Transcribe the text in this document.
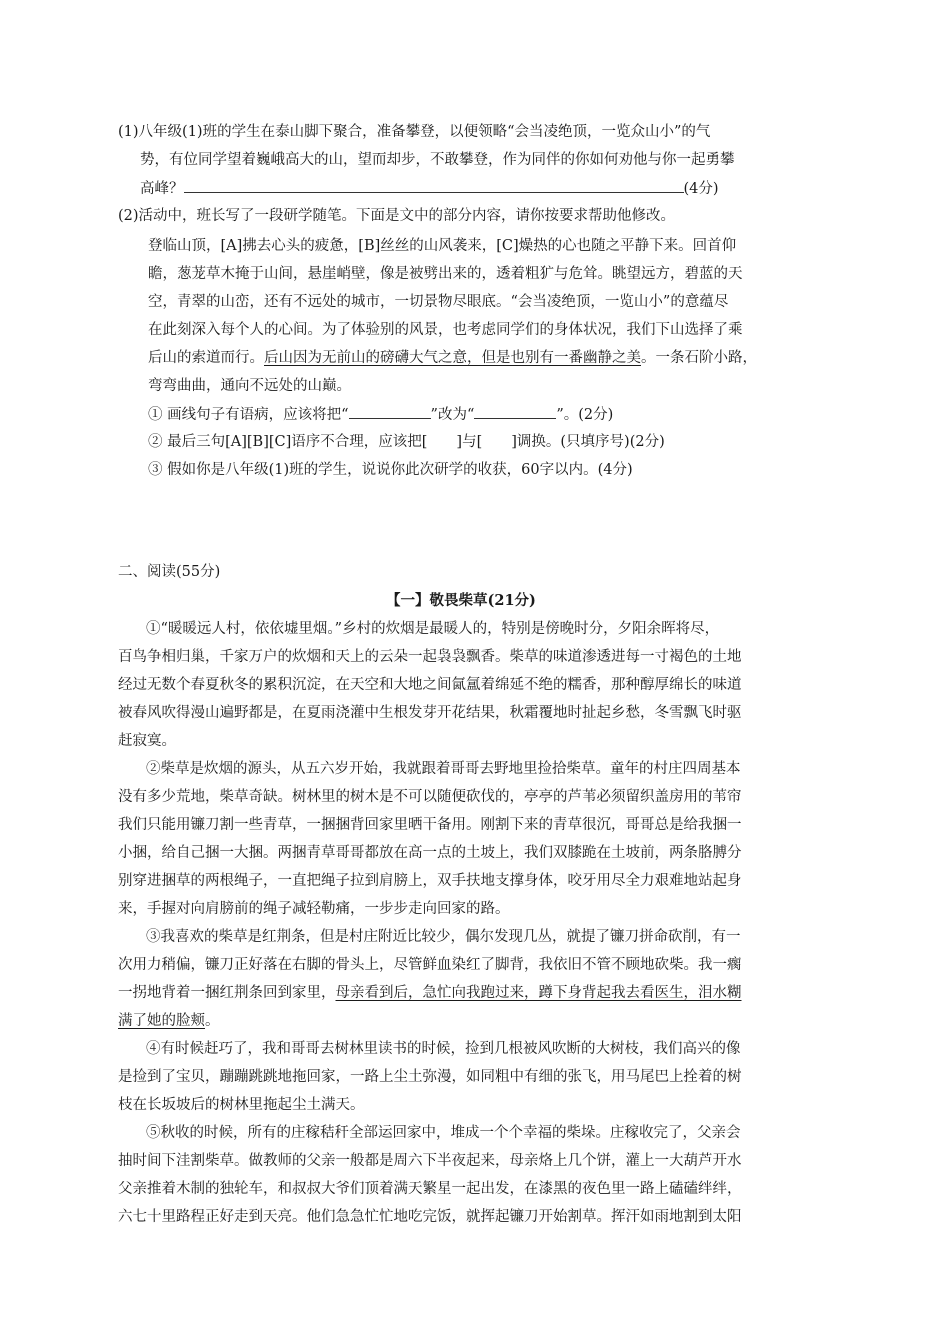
(1)八年级(1)班的学生在泰山脚下聚合，准备攀登，以便领略“会当凌绝顶，一览众山小”的气
势，有位同学望着巍峨高大的山，望而却步，不敢攀登，作为同伴的你如何劝他与你一起勇攀
高峰？	(4分)
(2)活动中，班长写了一段研学随笔。下面是文中的部分内容，请你按要求帮助他修改。
登临山顶，[A]拂去心头的疲惫，[B]丝丝的山风袭来，[C]燥热的心也随之平静下来。回首仰
瞻，葱茏草木掩于山间，悬崖峭壁，像是被劈出来的，透着粗犷与危耸。眺望远方，碧蓝的天
空，青翠的山峦，还有不远处的城市，一切景物尽眼底。“会当凌绝顶，一览山小”的意蕴尽
在此刻深入每个人的心间。为了体验别的风景，也考虑同学们的身体状况，我们下山选择了乘
后山的索道而行。后山因为无前山的磅礴大气之意，但是也别有一番幽静之美。一条石阶小路，
弯弯曲曲，通向不远处的山巅。
① 画线句子有语病，应该将把“	”改为“	”。(2分)
② 最后三句[A][B][C]语序不合理，应该把[　　]与[　　]调换。(只填序号)(2分)
③ 假如你是八年级(1)班的学生，说说你此次研学的收获，60字以内。(4分)
二、阅读(55分)
【一】敬畏柴草(21分)
①“暖暖远人村，依依墟里烟。”乡村的炊烟是最暖人的，特别是傍晚时分，夕阳余晖将尽，
百鸟争相归巢，千家万户的炊烟和天上的云朵一起袅袅飘香。柴草的味道渗透进每一寸褐色的土地
经过无数个春夏秋冬的累积沉淀，在天空和大地之间氤氲着绵延不绝的糯香，那种醇厚绵长的味道
被春风吹得漫山遍野都是，在夏雨浇灌中生根发芽开花结果，秋霜覆地时扯起乡愁，冬雪飘飞时驱
赶寂寞。
②柴草是炊烟的源头，从五六岁开始，我就跟着哥哥去野地里捡拾柴草。童年的村庄四周基本
没有多少荒地，柴草奇缺。树林里的树木是不可以随便砍伐的，亭亭的芦苇必须留织盖房用的苇帘
我们只能用镰刀割一些青草，一捆捆背回家里晒干备用。刚割下来的青草很沉，哥哥总是给我捆一
小捆，给自己捆一大捆。两捆青草哥哥都放在高一点的土坡上，我们双膝跪在土坡前，两条胳膊分
别穿进捆草的两根绳子，一直把绳子拉到肩膀上，双手扶地支撑身体，咬牙用尽全力艰难地站起身
来，手握对向肩膀前的绳子减轻勒痛，一步步走向回家的路。
③我喜欢的柴草是红荆条，但是村庄附近比较少，偶尔发现几丛，就提了镰刀拼命砍削，有一
次用力稍偏，镰刀正好落在右脚的骨头上，尽管鲜血染红了脚背，我依旧不管不顾地砍柴。我一瘸
一拐地背着一捆红荆条回到家里，母亲看到后，急忙向我跑过来，蹲下身背起我去看医生，泪水糊
满了她的脸颊。
④有时候赶巧了，我和哥哥去树林里读书的时候，捡到几根被风吹断的大树枝，我们高兴的像
是捡到了宝贝，蹦蹦跳跳地拖回家，一路上尘土弥漫，如同粗中有细的张飞，用马尾巴上拴着的树
枝在长坂坡后的树林里拖起尘土满天。
⑤秋收的时候，所有的庄稼秸秆全部运回家中，堆成一个个幸福的柴垛。庄稼收完了，父亲会
抽时间下洼割柴草。做教师的父亲一般都是周六下半夜起来，母亲烙上几个饼，灌上一大葫芦开水
父亲推着木制的独轮车，和叔叔大爷们顶着满天繁星一起出发，在漆黑的夜色里一路上磕磕绊绊，
六七十里路程正好走到天亮。他们急急忙忙地吃完饭，就挥起镰刀开始割草。挥汗如雨地割到太阳
